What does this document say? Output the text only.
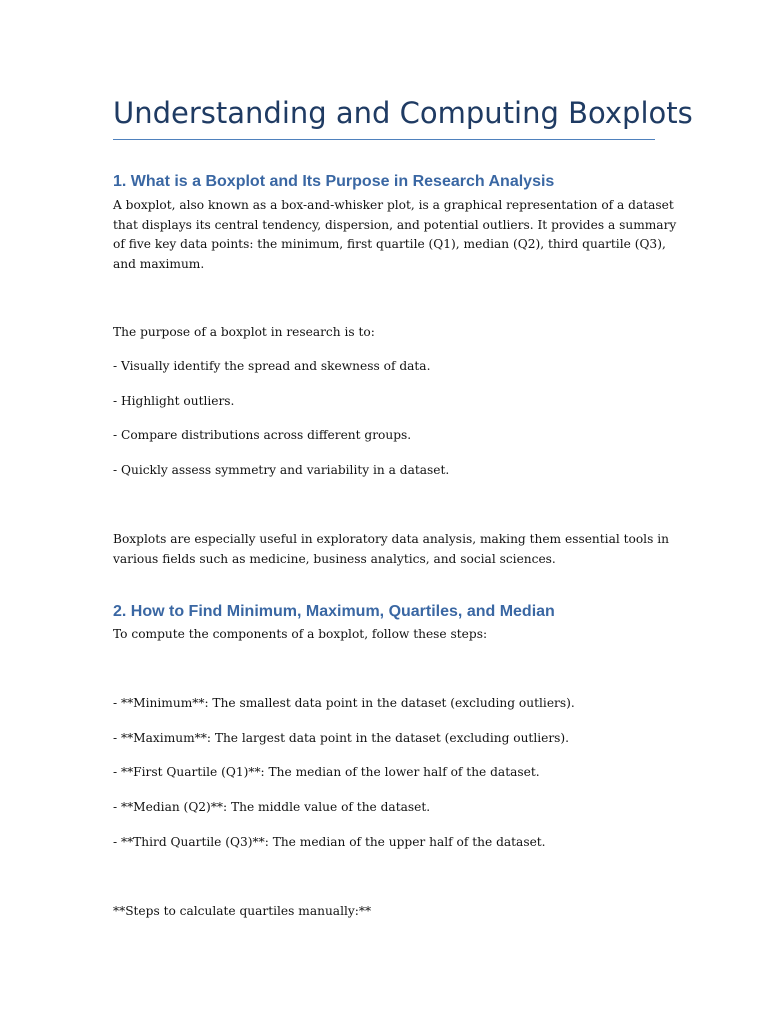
Understanding and Computing Boxplots
1. What is a Boxplot and Its Purpose in Research Analysis

A boxplot, also known as a box-and-whisker plot, is a graphical representation of a dataset
that displays its central tendency, dispersion, and potential outliers. It provides a summary
of five key data points: the minimum, first quartile (Q1), median (Q2), third quartile (Q3),
and maximum.

The purpose of a boxplot in research is to:

- Visually identify the spread and skewness of data.

- Highlight outliers.

- Compare distributions across different groups.

- Quickly assess symmetry and variability in a dataset.

Boxplots are especially useful in exploratory data analysis, making them essential tools in
various fields such as medicine, business analytics, and social sciences.

2. How to Find Minimum, Maximum, Quartiles, and Median

To compute the components of a boxplot, follow these steps:

- **Minimum**: The smallest data point in the dataset (excluding outliers).

- **Maximum**: The largest data point in the dataset (excluding outliers).

- **First Quartile (Q1)**: The median of the lower half of the dataset.

- **Median (Q2)**: The middle value of the dataset.

- **Third Quartile (Q3)**: The median of the upper half of the dataset.

**Steps to calculate quartiles manually:**
